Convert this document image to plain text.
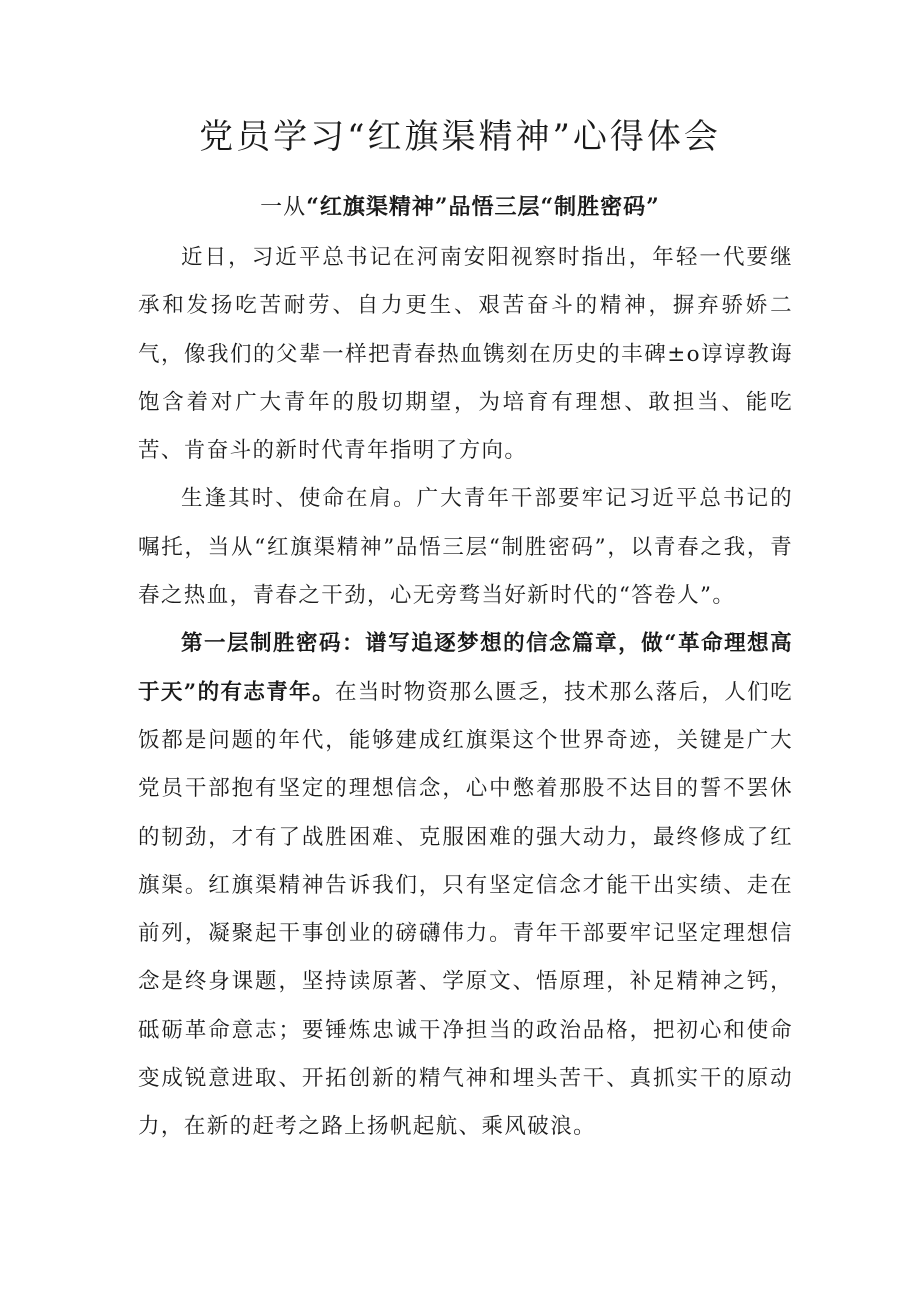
党员学习“红旗渠精神”心得体会
一从“红旗渠精神”品悟三层“制胜密码”

近日，习近平总书记在河南安阳视察时指出，年轻一代要继承和发扬吃苦耐劳、自力更生、艰苦奋斗的精神，摒弃骄娇二气，像我们的父辈一样把青春热血镌刻在历史的丰碑±o谆谆教诲饱含着对广大青年的殷切期望，为培育有理想、敢担当、能吃苦、肯奋斗的新时代青年指明了方向。

生逢其时、使命在肩。广大青年干部要牢记习近平总书记的嘱托，当从“红旗渠精神”品悟三层“制胜密码”，以青春之我，青春之热血，青春之干劲，心无旁骛当好新时代的“答卷人”。

第一层制胜密码：谱写追逐梦想的信念篇章，做“革命理想高于天”的有志青年。在当时物资那么匮乏，技术那么落后，人们吃饭都是问题的年代，能够建成红旗渠这个世界奇迹，关键是广大党员干部抱有坚定的理想信念，心中憋着那股不达目的誓不罢休的韧劲，才有了战胜困难、克服困难的强大动力，最终修成了红旗渠。红旗渠精神告诉我们，只有坚定信念才能干出实绩、走在前列，凝聚起干事创业的磅礴伟力。青年干部要牢记坚定理想信念是终身课题，坚持读原著、学原文、悟原理，补足精神之钙，砥砺革命意志；要锤炼忠诚干净担当的政治品格，把初心和使命变成锐意进取、开拓创新的精气神和埋头苦干、真抓实干的原动力，在新的赶考之路上扬帆起航、乘风破浪。
